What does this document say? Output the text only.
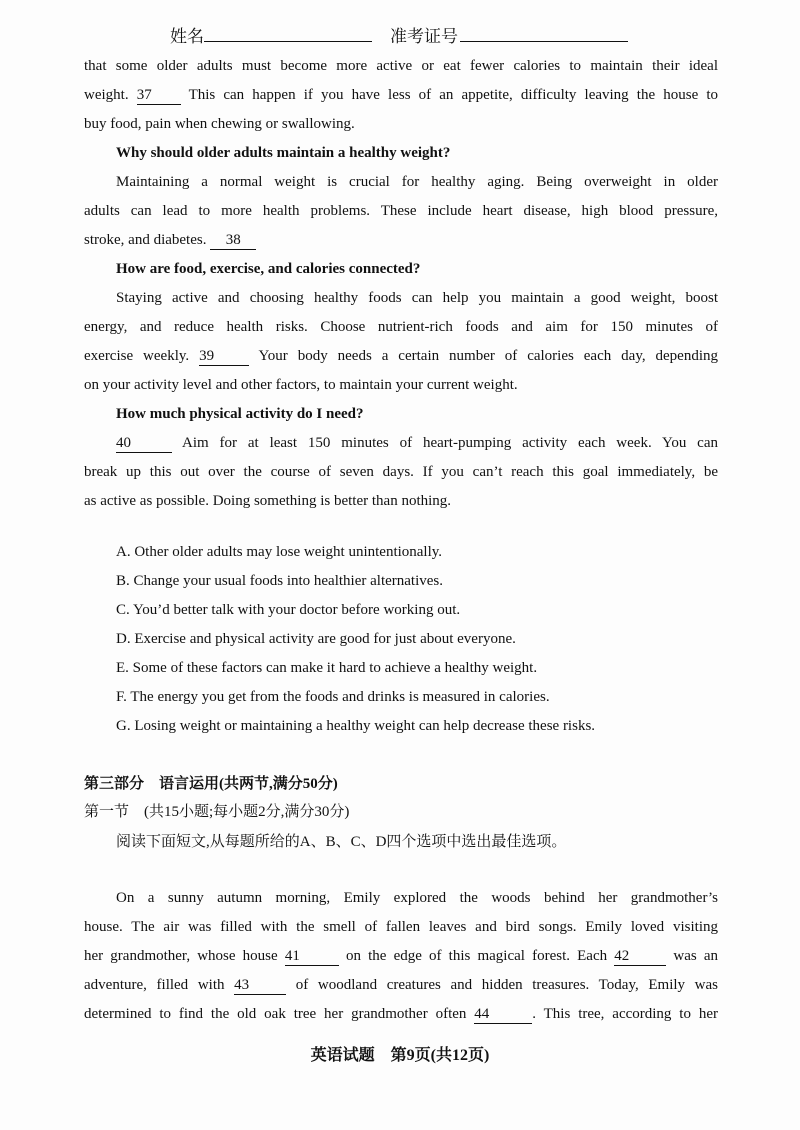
姓名	准考证号
that some older adults must become more active or eat fewer calories to maintain their ideal
weight. 37 This can happen if you have less of an appetite, difficulty leaving the house to
buy food, pain when chewing or swallowing.
Why should older adults maintain a healthy weight?
Maintaining a normal weight is crucial for healthy aging. Being overweight in older
adults can lead to more health problems. These include heart disease, high blood pressure,
stroke, and diabetes. 38
How are food, exercise, and calories connected?
Staying active and choosing healthy foods can help you maintain a good weight, boost
energy, and reduce health risks. Choose nutrient-rich foods and aim for 150 minutes of
exercise weekly. 39	Your body needs a certain number of calories each day, depending
on your activity level and other factors, to maintain your current weight.
How much physical activity do I need?
40	Aim for at least 150 minutes of heart-pumping activity each week. You can
break up this out over the course of seven days. If you can’t reach this goal immediately, be
as active as possible. Doing something is better than nothing.
A. Other older adults may lose weight unintentionally.
B. Change your usual foods into healthier alternatives.
C. You’d better talk with your doctor before working out.
D. Exercise and physical activity are good for just about everyone.
E. Some of these factors can make it hard to achieve a healthy weight.
F. The energy you get from the foods and drinks is measured in calories.
G. Losing weight or maintaining a healthy weight can help decrease these risks.
第三部分　语言运用(共两节,满分50分)
第一节　(共15小题;每小题2分,满分30分)
阅读下面短文,从每题所给的A、B、C、D四个选项中选出最佳选项。
On a sunny autumn morning, Emily explored the woods behind her grandmother’s
house. The air was filled with the smell of fallen leaves and bird songs. Emily loved visiting
her grandmother, whose house 41	on the edge of this magical forest. Each 42	was an
adventure, filled with 43	of woodland creatures and hidden treasures. Today, Emily was
determined to find the old oak tree her grandmother often 44	. This tree, according to her
英语试题　第9页(共12页)
